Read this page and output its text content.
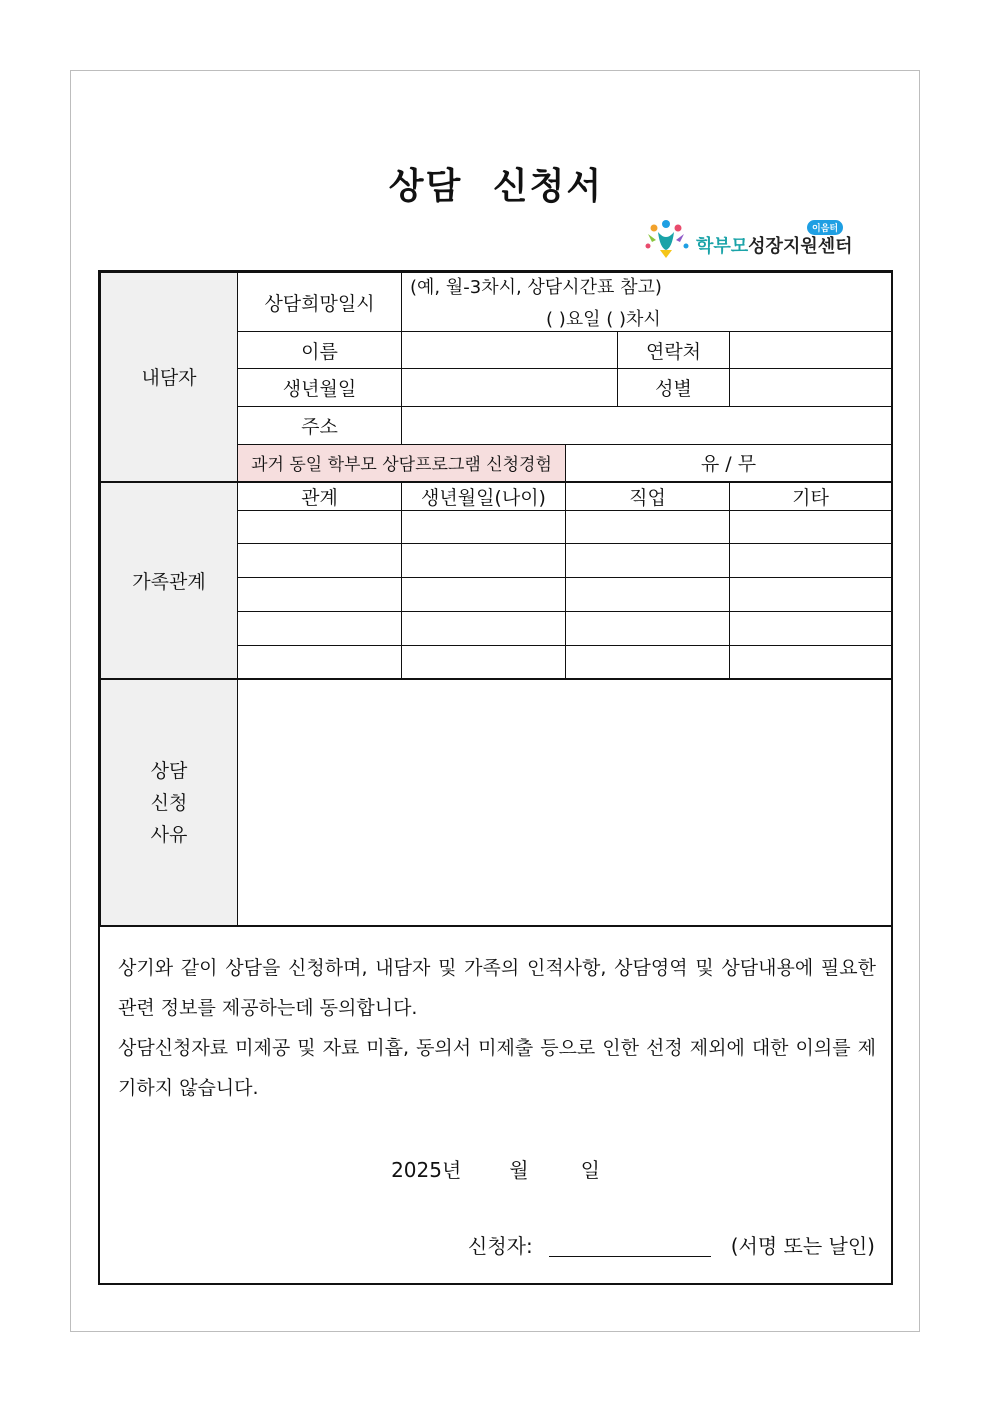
상담 신청서
이음터
학부모성장지원센터
내담자	상담희망일시	(예, 월-3차시, 상담시간표 참고)
( )요일 ( )차시			

	이름			연락처	
	생년월일			성별	
	주소				
	과거 동일 학부모 상담프로그램 신청경험		유 / 무		
가족관계	관계	생년월일(나이)	직업		기타

상담
신청
사유					

상기와 같이 상담을 신청하며, 내담자 및 가족의 인적사항, 상담영역 및 상담내용에 필요한 관련 정보를 제공하는데 동의합니다.

상담신청자료 미제공 및 자료 미흡, 동의서 미제출 등으로 인한 선정 제외에 대한 이의를 제기하지 않습니다.

2025년 월	일
신청자:	(서명 또는 날인)
